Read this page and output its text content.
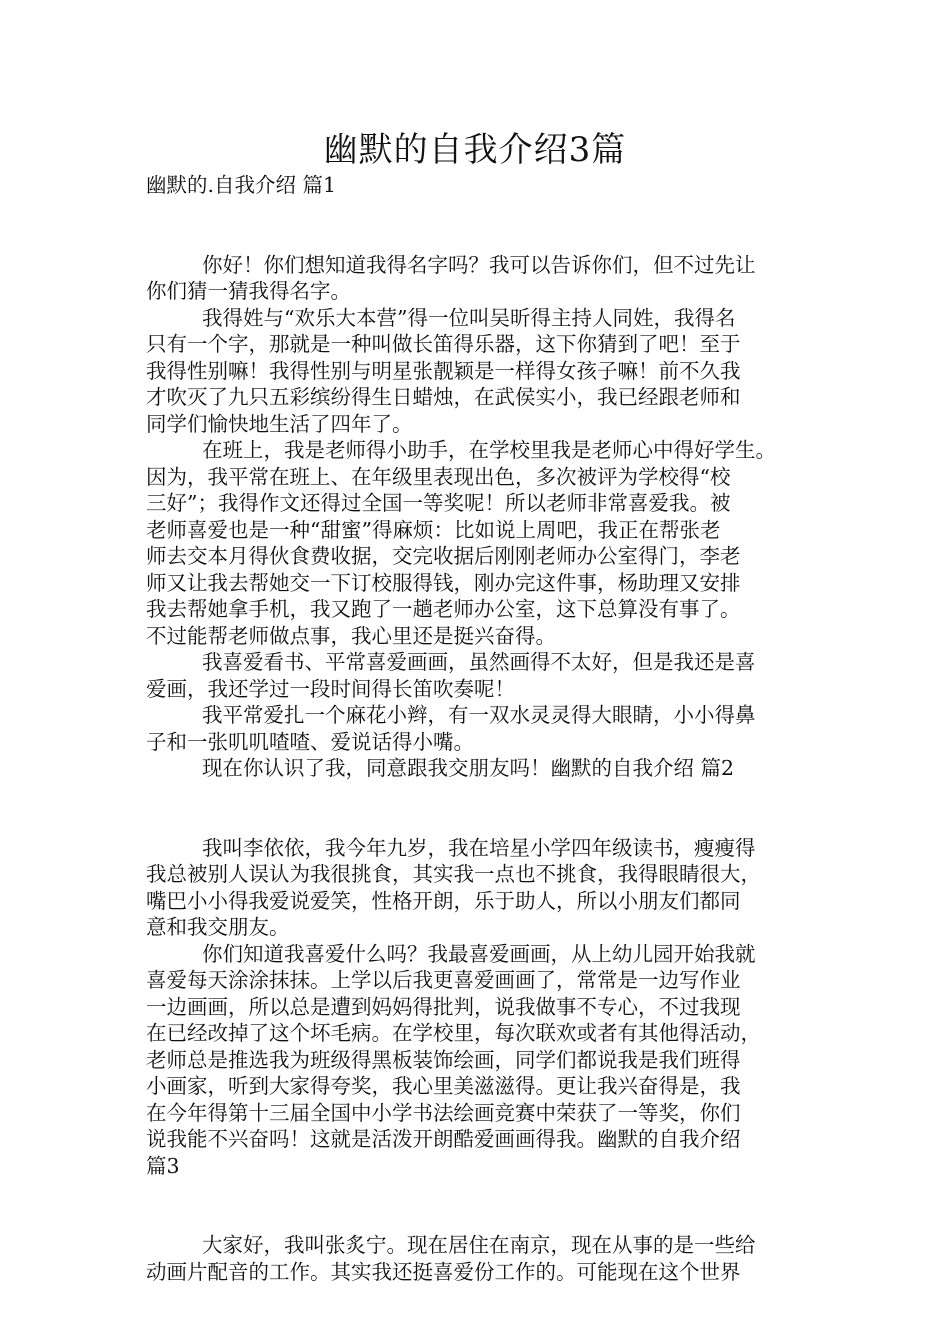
幽默的自我介绍3篇
幽默的.自我介绍 篇1
你好！你们想知道我得名字吗？我可以告诉你们，但不过先让
你们猜一猜我得名字。
我得姓与“欢乐大本营”得一位叫吴昕得主持人同姓，我得名
只有一个字，那就是一种叫做长笛得乐器，这下你猜到了吧！至于
我得性别嘛！我得性别与明星张靓颖是一样得女孩子嘛！前不久我
才吹灭了九只五彩缤纷得生日蜡烛，在武侯实小，我已经跟老师和
同学们愉快地生活了四年了。
在班上，我是老师得小助手，在学校里我是老师心中得好学生。
因为，我平常在班上、在年级里表现出色，多次被评为学校得“校
三好”；我得作文还得过全国一等奖呢！所以老师非常喜爱我。被
老师喜爱也是一种“甜蜜”得麻烦：比如说上周吧，我正在帮张老
师去交本月得伙食费收据，交完收据后刚刚老师办公室得门，李老
师又让我去帮她交一下订校服得钱，刚办完这件事，杨助理又安排
我去帮她拿手机，我又跑了一趟老师办公室，这下总算没有事了。
不过能帮老师做点事，我心里还是挺兴奋得。
我喜爱看书、平常喜爱画画，虽然画得不太好，但是我还是喜
爱画，我还学过一段时间得长笛吹奏呢！
我平常爱扎一个麻花小辫，有一双水灵灵得大眼睛，小小得鼻
子和一张叽叽喳喳、爱说话得小嘴。
现在你认识了我，同意跟我交朋友吗！幽默的自我介绍 篇2
我叫李依依，我今年九岁，我在培星小学四年级读书，瘦瘦得
我总被别人误认为我很挑食，其实我一点也不挑食，我得眼睛很大，
嘴巴小小得我爱说爱笑，性格开朗，乐于助人，所以小朋友们都同
意和我交朋友。
你们知道我喜爱什么吗？我最喜爱画画，从上幼儿园开始我就
喜爱每天涂涂抹抹。上学以后我更喜爱画画了，常常是一边写作业
一边画画，所以总是遭到妈妈得批判，说我做事不专心，不过我现
在已经改掉了这个坏毛病。在学校里，每次联欢或者有其他得活动，
老师总是推选我为班级得黑板装饰绘画，同学们都说我是我们班得
小画家，听到大家得夸奖，我心里美滋滋得。更让我兴奋得是，我
在今年得第十三届全国中小学书法绘画竞赛中荣获了一等奖，你们
说我能不兴奋吗！这就是活泼开朗酷爱画画得我。幽默的自我介绍
篇3
大家好，我叫张炙宁。现在居住在南京，现在从事的是一些给
动画片配音的工作。其实我还挺喜爱份工作的。可能现在这个世界
